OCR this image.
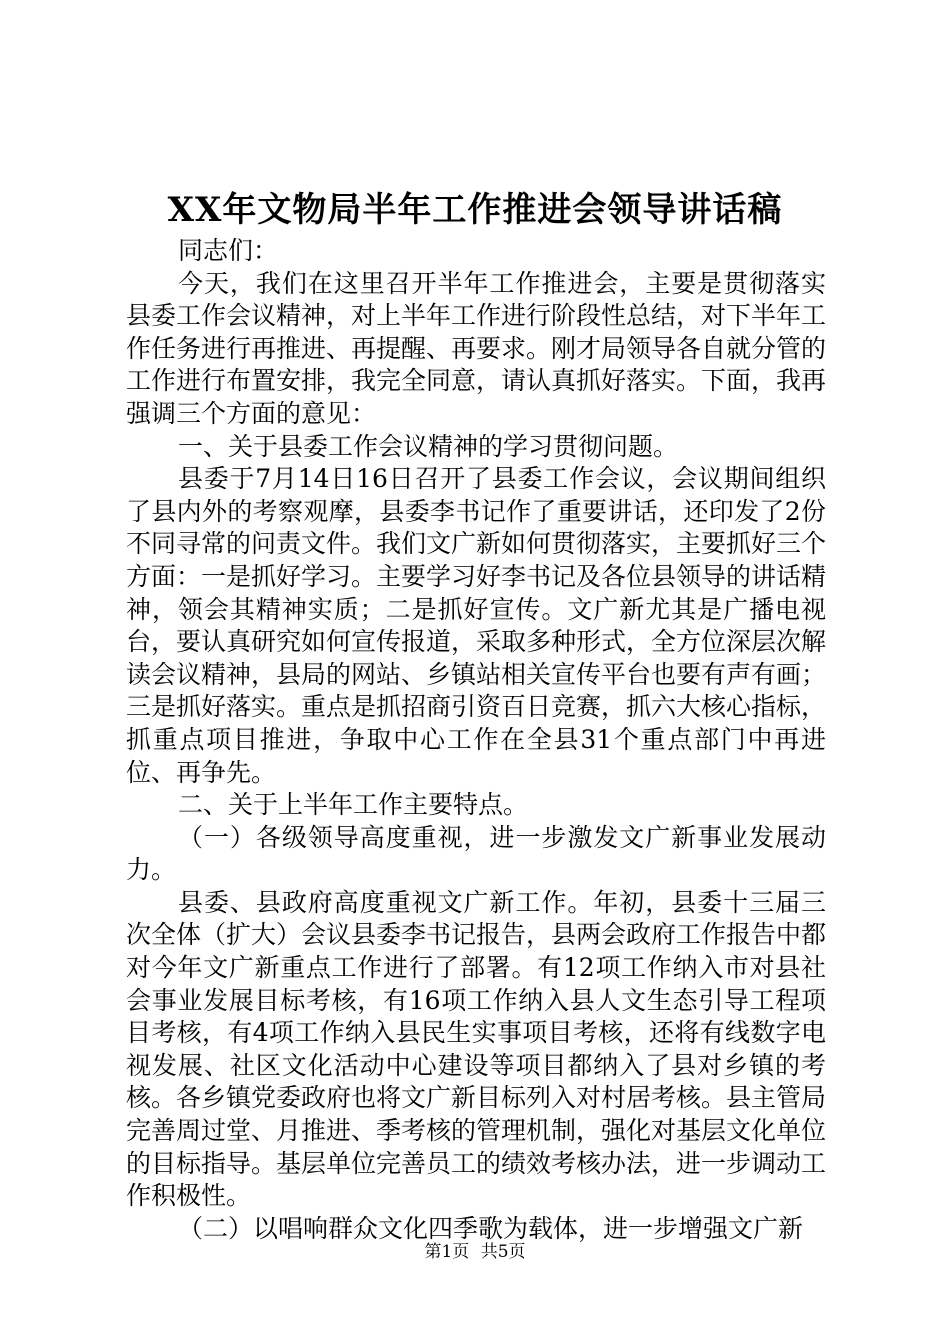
XX年文物局半年工作推进会领导讲话稿

同志们：

今天，我们在这里召开半年工作推进会，主要是贯彻落实县委工作会议精神，对上半年工作进行阶段性总结，对下半年工作任务进行再推进、再提醒、再要求。刚才局领导各自就分管的工作进行布置安排，我完全同意，请认真抓好落实。下面，我再强调三个方面的意见：

一、关于县委工作会议精神的学习贯彻问题。

县委于7月14日16日召开了县委工作会议，会议期间组织了县内外的考察观摩，县委李书记作了重要讲话，还印发了2份不同寻常的问责文件。我们文广新如何贯彻落实，主要抓好三个方面：一是抓好学习。主要学习好李书记及各位县领导的讲话精神，领会其精神实质；二是抓好宣传。文广新尤其是广播电视台，要认真研究如何宣传报道，采取多种形式，全方位深层次解读会议精神，县局的网站、乡镇站相关宣传平台也要有声有画；三是抓好落实。重点是抓招商引资百日竞赛，抓六大核心指标，抓重点项目推进，争取中心工作在全县31个重点部门中再进位、再争先。

二、关于上半年工作主要特点。

（一）各级领导高度重视，进一步激发文广新事业发展动力。

县委、县政府高度重视文广新工作。年初，县委十三届三次全体（扩大）会议县委李书记报告，县两会政府工作报告中都对今年文广新重点工作进行了部署。有12项工作纳入市对县社会事业发展目标考核，有16项工作纳入县人文生态引导工程项目考核，有4项工作纳入县民生实事项目考核，还将有线数字电视发展、社区文化活动中心建设等项目都纳入了县对乡镇的考核。各乡镇党委政府也将文广新目标列入对村居考核。县主管局完善周过堂、月推进、季考核的管理机制，强化对基层文化单位的目标指导。基层单位完善员工的绩效考核办法，进一步调动工作积极性。

（二）以唱响群众文化四季歌为载体，进一步增强文广新

第1页 共5页
